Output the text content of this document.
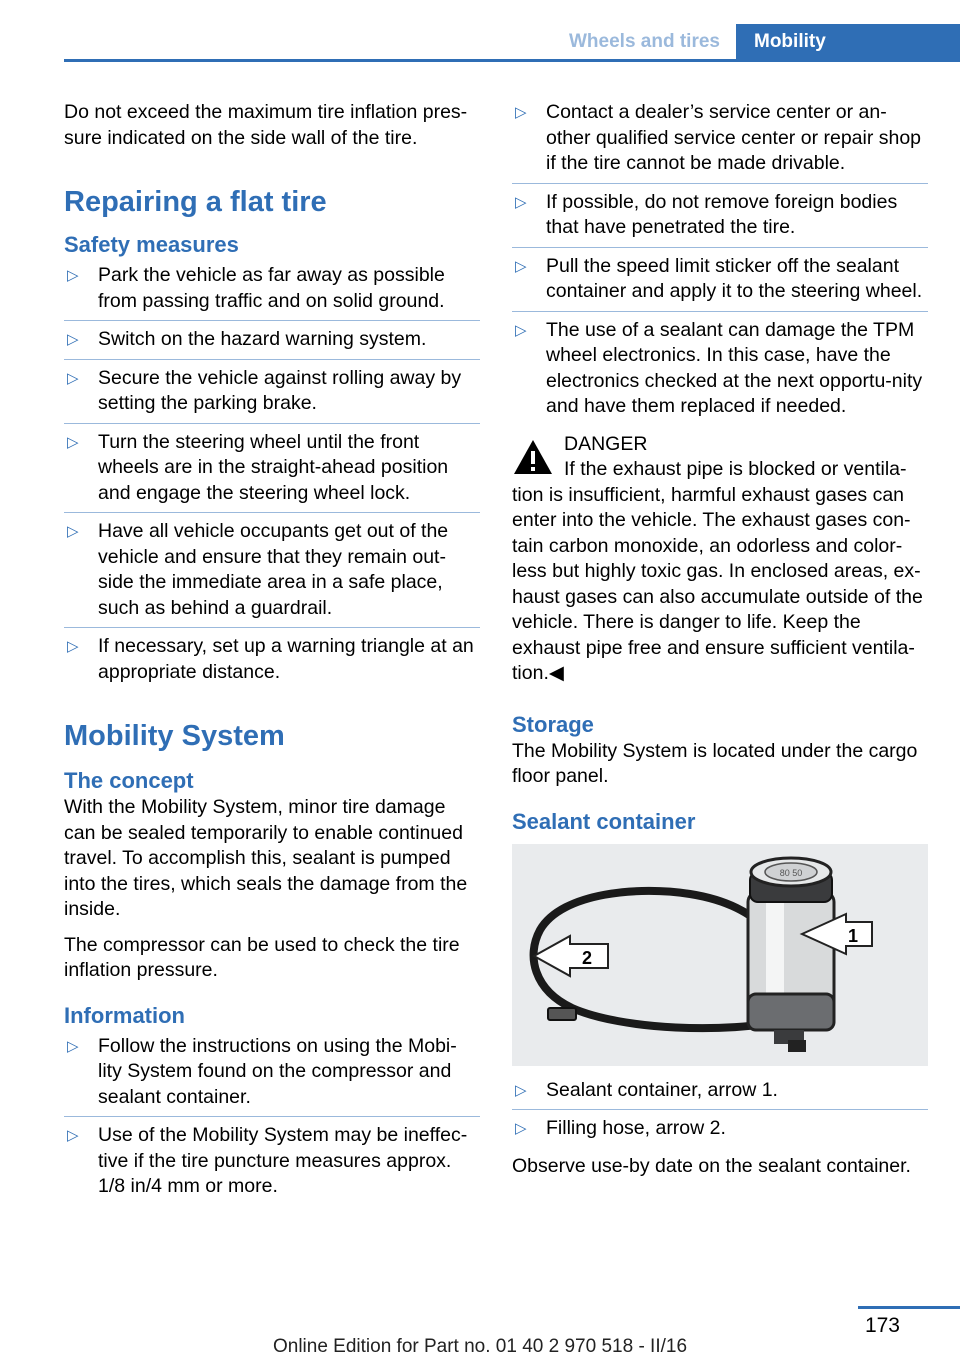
Wheels and tires	Mobility

Do not exceed the maximum tire inflation pres-sure indicated on the side wall of the tire.

Repairing a flat tire
Safety measures
▷ Park the vehicle as far away as possible from passing traffic and on solid ground.
▷ Switch on the hazard warning system.
▷ Secure the vehicle against rolling away by setting the parking brake.
▷ Turn the steering wheel until the front wheels are in the straight-ahead position and engage the steering wheel lock.
▷ Have all vehicle occupants get out of the vehicle and ensure that they remain out-side the immediate area in a safe place, such as behind a guardrail.
▷ If necessary, set up a warning triangle at an appropriate distance.
Mobility System
The concept

With the Mobility System, minor tire damage can be sealed temporarily to enable continued travel. To accomplish this, sealant is pumped into the tires, which seals the damage from the inside.

The compressor can be used to check the tire inflation pressure.

Information
▷ Follow the instructions on using the Mobi-lity System found on the compressor and sealant container.
▷ Use of the Mobility System may be ineffec-tive if the tire puncture measures approx. 1/8 in/4 mm or more.
▷ Contact a dealer’s service center or an-other qualified service center or repair shop if the tire cannot be made drivable.
▷ If possible, do not remove foreign bodies that have penetrated the tire.
▷ Pull the speed limit sticker off the sealant container and apply it to the steering wheel.
▷ The use of a sealant can damage the TPM wheel electronics. In this case, have the electronics checked at the next opportu-nity and have them replaced if needed.
DANGER
If the exhaust pipe is blocked or ventila-

tion is insufficient, harmful exhaust gases can enter into the vehicle. The exhaust gases con-tain carbon monoxide, an odorless and color-less but highly toxic gas. In enclosed areas, ex-haust gases can also accumulate outside of the vehicle. There is danger to life. Keep the exhaust pipe free and ensure sufficient ventila-tion.◀

Storage

The Mobility System is located under the cargo floor panel.

Sealant container
2
1
80 50
▷ Sealant container, arrow 1.
▷ Filling hose, arrow 2.

Observe use-by date on the sealant container.

173
Online Edition for Part no. 01 40 2 970 518 - II/16
